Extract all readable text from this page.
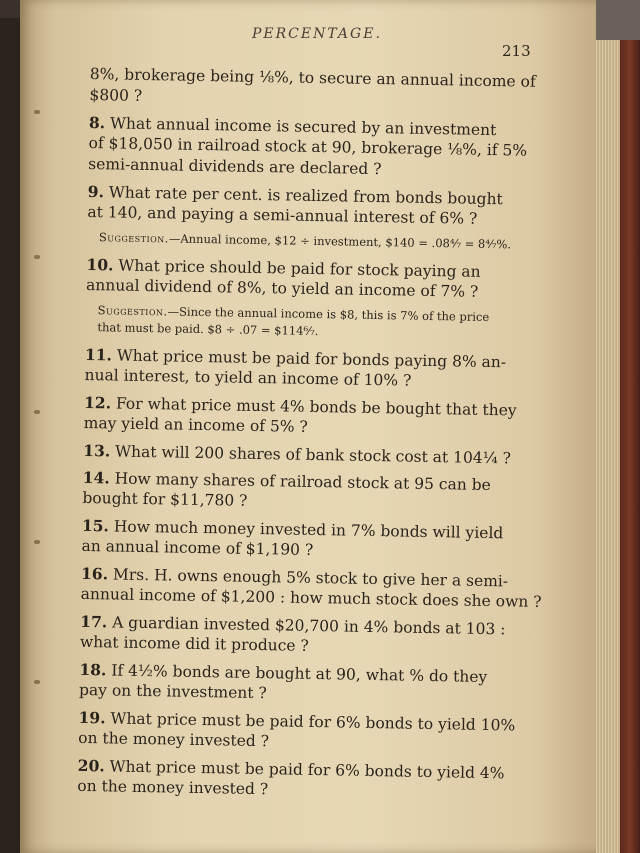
PERCENTAGE.
213
8%, brokerage being ⅛%, to secure an annual income of
$800 ?
8. What annual income is secured by an investment
of $18,050 in railroad stock at 90, brokerage ⅛%, if 5%
semi-annual dividends are declared ?
9. What rate per cent. is realized from bonds bought
at 140, and paying a semi-annual interest of 6% ?
Suggestion.—Annual income, $12 ÷ investment, $140 = .08⁴⁄₇ = 8⁴⁄₇%.
10. What price should be paid for stock paying an
annual dividend of 8%, to yield an income of 7% ?
Suggestion.—Since the annual income is $8, this is 7% of the price
that must be paid. $8 ÷ .07 = $114⁶⁄₇.
11. What price must be paid for bonds paying 8% an-
nual interest, to yield an income of 10% ?
12. For what price must 4% bonds be bought that they
may yield an income of 5% ?
13. What will 200 shares of bank stock cost at 104¼ ?
14. How many shares of railroad stock at 95 can be
bought for $11,780 ?
15. How much money invested in 7% bonds will yield
an annual income of $1,190 ?
16. Mrs. H. owns enough 5% stock to give her a semi-
annual income of $1,200 : how much stock does she own ?
17. A guardian invested $20,700 in 4% bonds at 103 :
what income did it produce ?
18. If 4½% bonds are bought at 90, what % do they
pay on the investment ?
19. What price must be paid for 6% bonds to yield 10%
on the money invested ?
20. What price must be paid for 6% bonds to yield 4%
on the money invested ?
